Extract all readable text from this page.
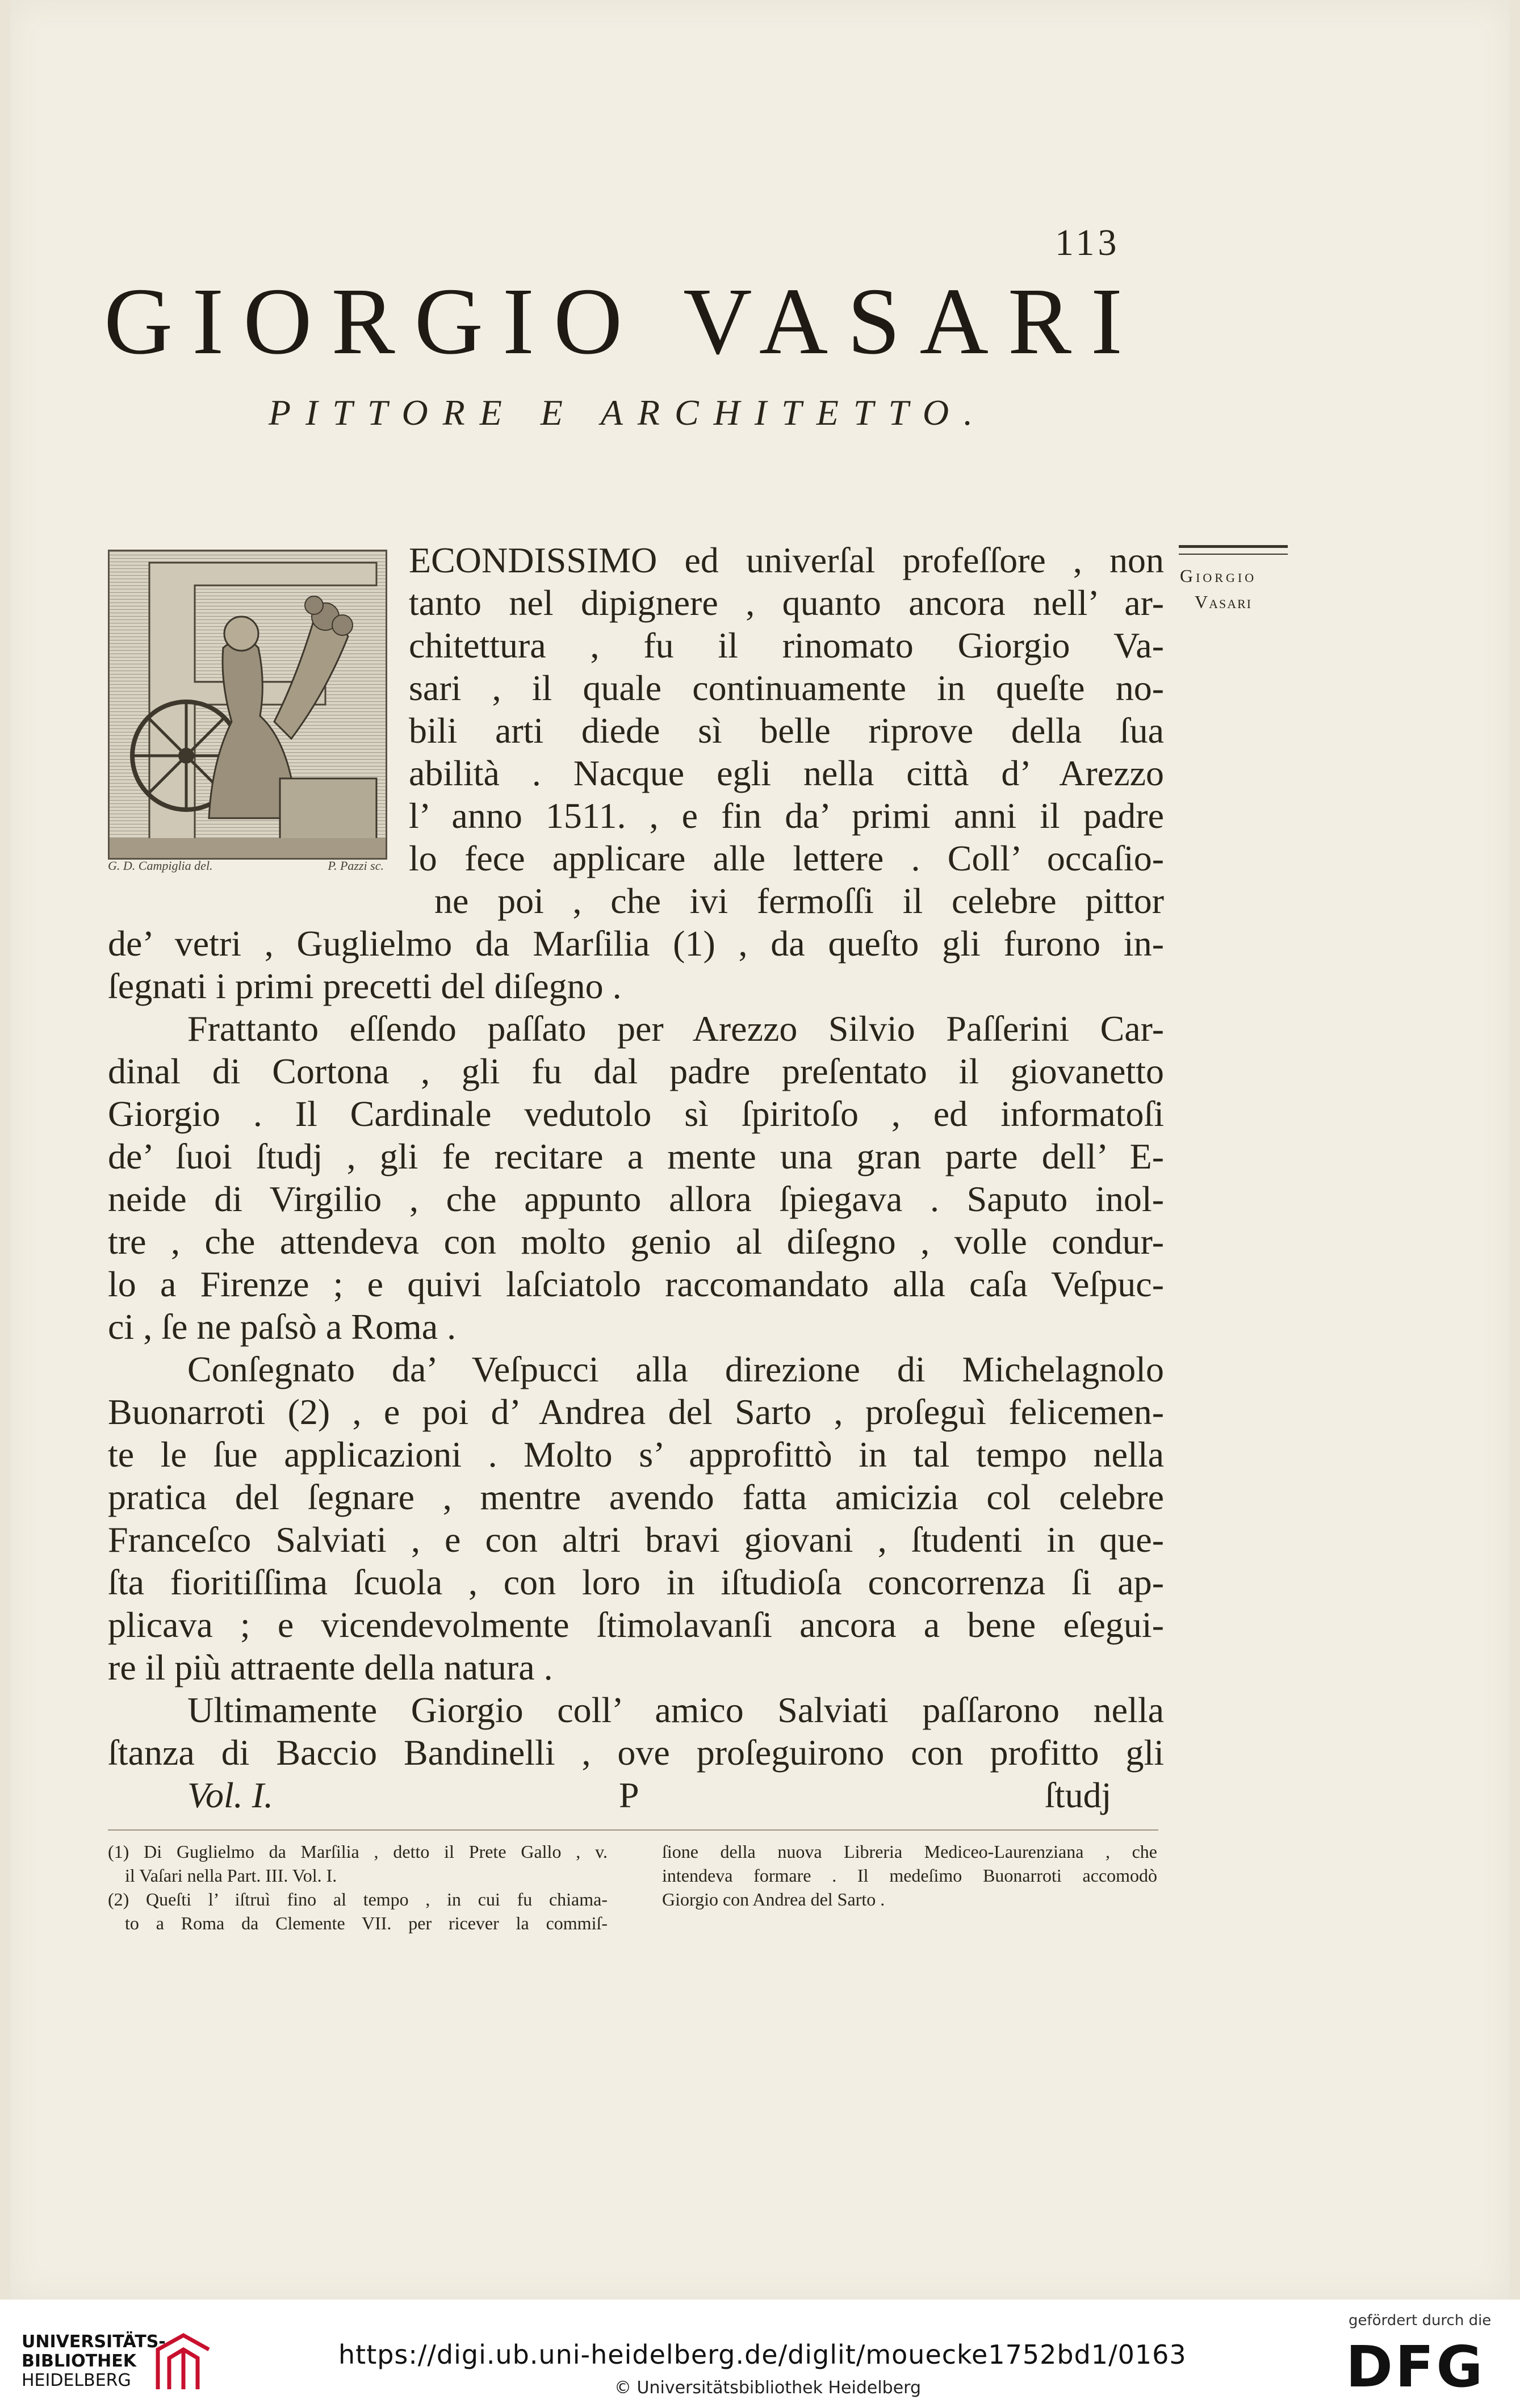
113
GIORGIO VASARI
PITTORE E ARCHITETTO.
G. D. Campiglia del.	P. Pazzi sc.
Giorgio
Vasari
ECONDISSIMO ed univerſal profeſſore , non
tanto nel dipignere , quanto ancora nell’ ar-
chitettura , fu il rinomato Giorgio Va-
sari , il quale continuamente in queſte no-
bili arti diede sì belle riprove della ſua
abilità . Nacque egli nella città d’ Arezzo
l’ anno 1511. , e fin da’ primi anni il padre
lo fece applicare alle lettere . Coll’ occaſio-
ne poi , che ivi fermoſſi il celebre pittor
de’ vetri , Guglielmo da Marſilia (1) , da queſto gli furono in-
ſegnati i primi precetti del diſegno .
Frattanto eſſendo paſſato per Arezzo Silvio Paſſerini Car-
dinal di Cortona , gli fu dal padre preſentato il giovanetto
Giorgio . Il Cardinale vedutolo sì ſpiritoſo , ed informatoſi
de’ ſuoi ſtudj , gli fe recitare a mente una gran parte dell’ E-
neide di Virgilio , che appunto allora ſpiegava . Saputo inol-
tre , che attendeva con molto genio al diſegno , volle condur-
lo a Firenze ; e quivi laſciatolo raccomandato alla caſa Veſpuc-
ci , ſe ne paſsò a Roma .
Conſegnato da’ Veſpucci alla direzione di Michelagnolo
Buonarroti (2) , e poi d’ Andrea del Sarto , proſeguì felicemen-
te le ſue applicazioni . Molto s’ approfittò in tal tempo nella
pratica del ſegnare , mentre avendo fatta amicizia col celebre
Franceſco Salviati , e con altri bravi giovani , ſtudenti in que-
ſta fioritiſſima ſcuola , con loro in iſtudioſa concorrenza ſi ap-
plicava ; e vicendevolmente ſtimolavanſi ancora a bene eſegui-
re il più attraente della natura .
Ultimamente Giorgio coll’ amico Salviati paſſarono nella
ſtanza di Baccio Bandinelli , ove proſeguirono con profitto gli
Vol. I.	P	ſtudj
(1) Di Guglielmo da Marſilia , detto il Prete Gallo , v.
il Vaſari nella Part. III. Vol. I.
(2) Queſti l’ iſtruì fino al tempo , in cui fu chiama-
to a Roma da Clemente VII. per ricever la commiſ-
ſione della nuova Libreria Mediceo-Laurenziana , che
intendeva formare . Il medeſimo Buonarroti accomodò
Giorgio con Andrea del Sarto .
UNIVERSITÄTS-
BIBLIOTHEK
HEIDELBERG
https://digi.ub.uni-heidelberg.de/diglit/mouecke1752bd1/0163
© Universitätsbibliothek Heidelberg
gefördert durch die
DFG
